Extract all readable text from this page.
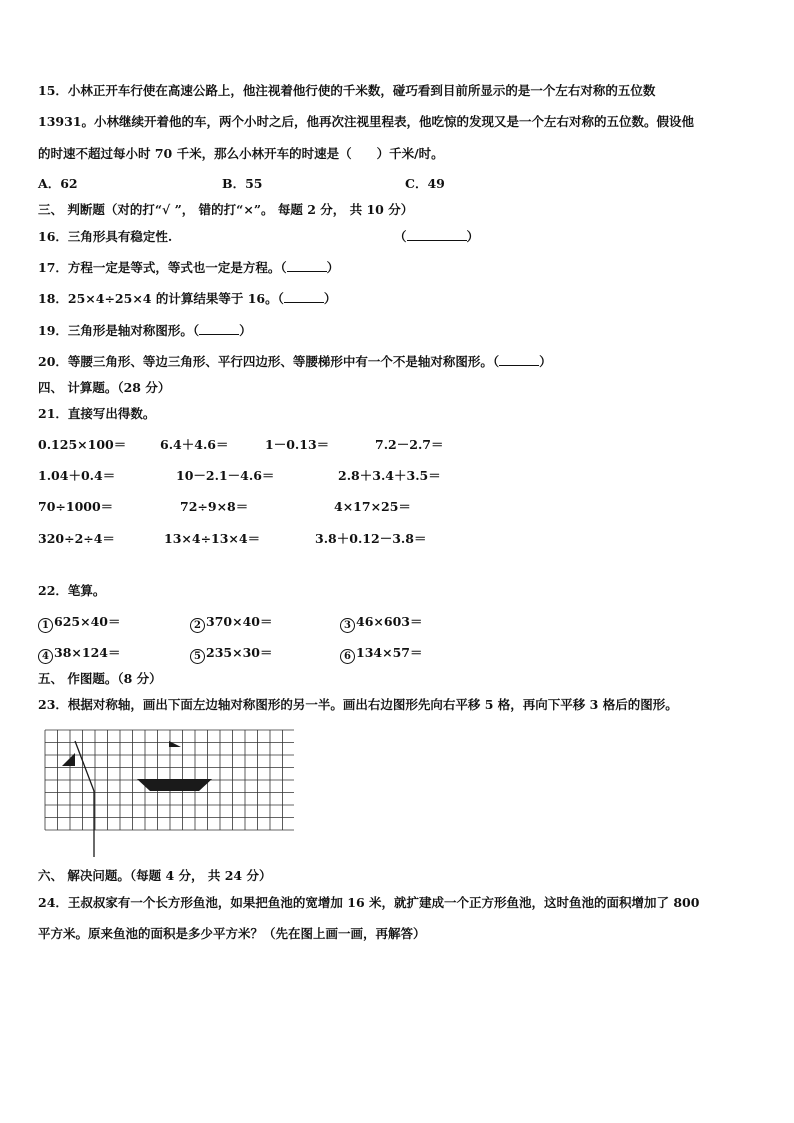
15．小林正开车行使在高速公路上，他注视着他行使的千米数，碰巧看到目前所显示的是一个左右对称的五位数
13931。小林继续开着他的车，两个小时之后，他再次注视里程表，他吃惊的发现又是一个左右对称的五位数。假设他
的时速不超过每小时 70 千米，那么小林开车的时速是（　　）千米/时。
A．62	B．55	C．49
三、 判断题（对的打“√ ”， 错的打“×”。 每题 2 分， 共 10 分）
16．三角形具有稳定性.	（	）
17．方程一定是等式，等式也一定是方程。（	）
18．25×4÷25×4 的计算结果等于 16。（	）
19．三角形是轴对称图形。（	）
20．等腰三角形、等边三角形、平行四边形、等腰梯形中有一个不是轴对称图形。（	）
四、 计算题。（28 分）
21．直接写出得数。
0.125×100＝	6.4＋4.6＝	1－0.13＝	7.2－2.7＝
1.04＋0.4＝	10－2.1－4.6＝	2.8＋3.4＋3.5＝
70÷1000＝	72÷9×8＝	4×17×25＝
320÷2÷4＝	13×4÷13×4＝	3.8＋0.12－3.8＝
22．笔算。
1 625×40＝	2 370×40＝	3 46×603＝
4 38×124＝	5 235×30＝	6 134×57＝
五、 作图题。（8 分）
23．根据对称轴，画出下面左边轴对称图形的另一半。画出右边图形先向右平移 5 格，再向下平移 3 格后的图形。
六、 解决问题。（每题 4 分， 共 24 分）
24．王叔叔家有一个长方形鱼池，如果把鱼池的宽增加 16 米，就扩建成一个正方形鱼池，这时鱼池的面积增加了 800
平方米。原来鱼池的面积是多少平方米？（先在图上画一画，再解答）
